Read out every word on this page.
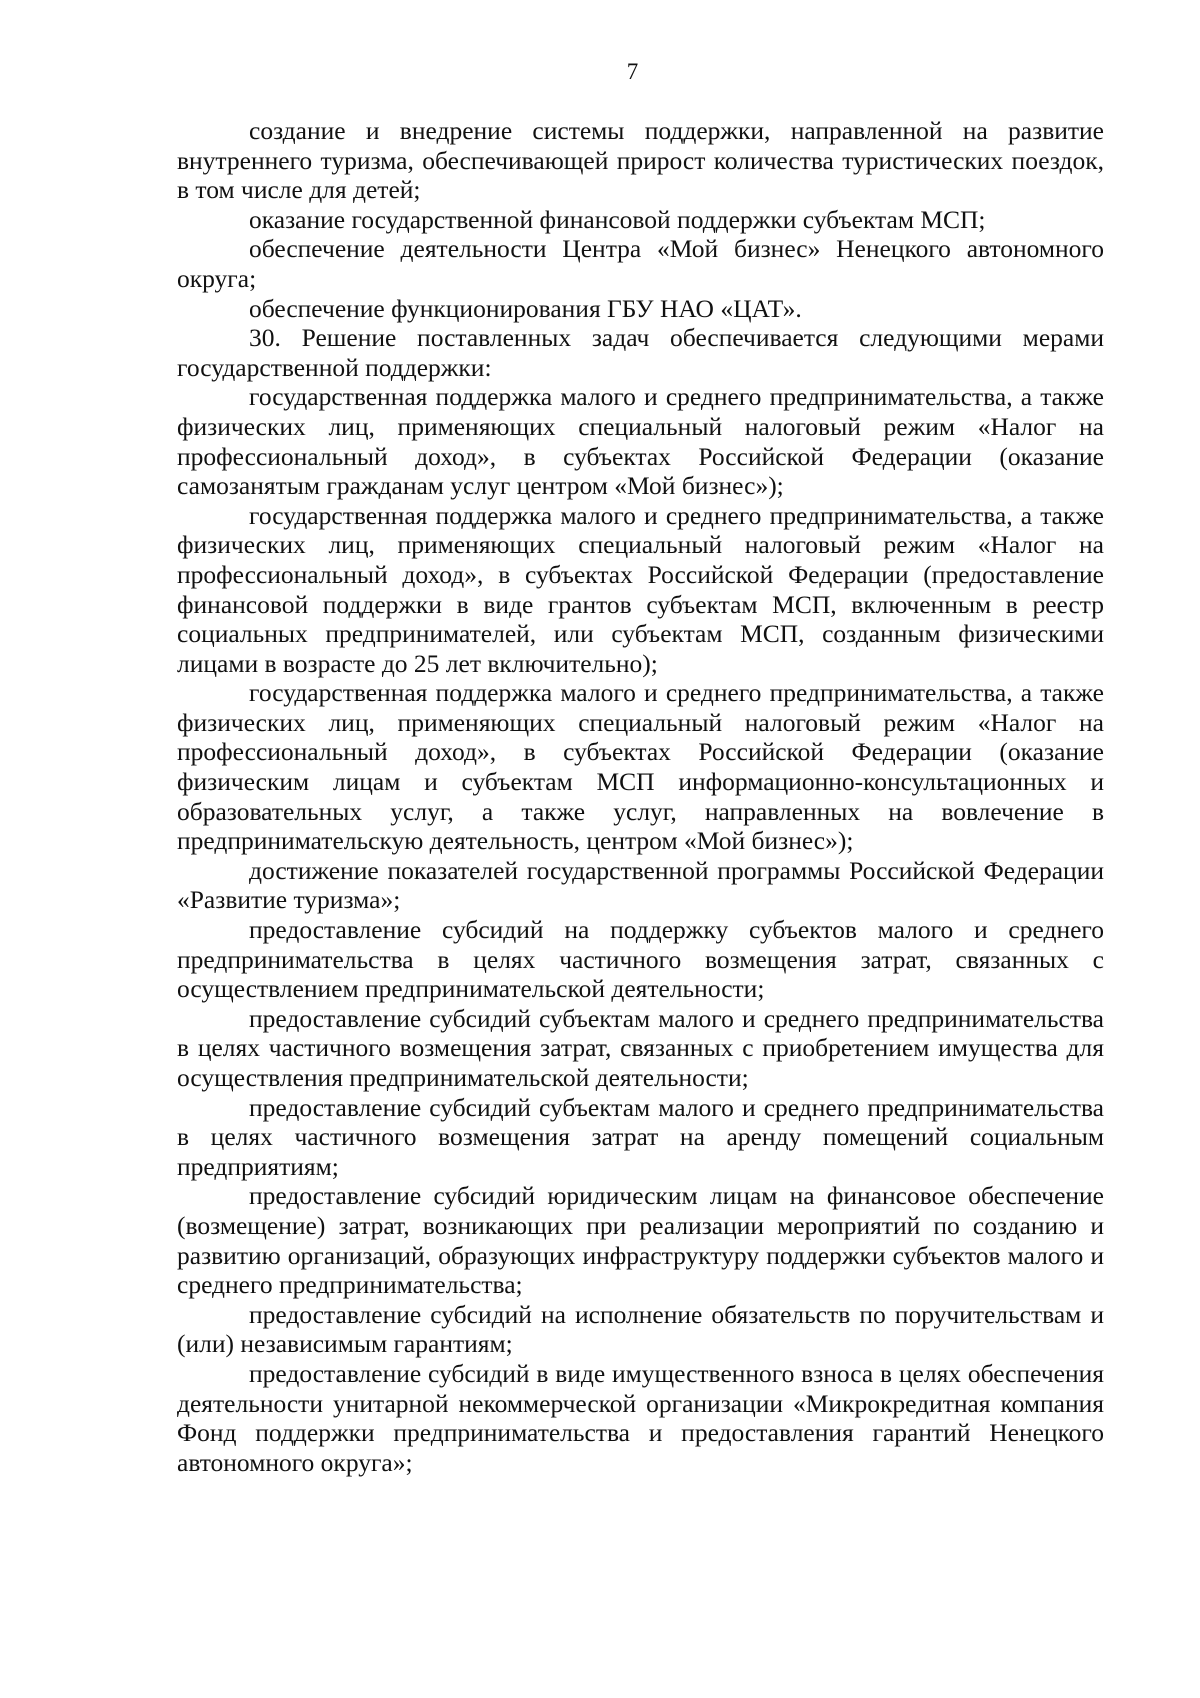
7

создание и внедрение системы поддержки, направленной на развитие внутреннего туризма, обеспечивающей прирост количества туристических поездок, в том числе для детей;

оказание государственной финансовой поддержки субъектам МСП;

обеспечение деятельности Центра «Мой бизнес» Ненецкого автономного округа;

обеспечение функционирования ГБУ НАО «ЦАТ».

30. Решение поставленных задач обеспечивается следующими мерами государственной поддержки:

государственная поддержка малого и среднего предпринимательства, а также физических лиц, применяющих специальный налоговый режим «Налог на профессиональный доход», в субъектах Российской Федерации (оказание самозанятым гражданам услуг центром «Мой бизнес»);

государственная поддержка малого и среднего предпринимательства, а также физических лиц, применяющих специальный налоговый режим «Налог на профессиональный доход», в субъектах Российской Федерации (предоставление финансовой поддержки в виде грантов субъектам МСП, включенным в реестр социальных предпринимателей, или субъектам МСП, созданным физическими лицами в возрасте до 25 лет включительно);

государственная поддержка малого и среднего предпринимательства, а также физических лиц, применяющих специальный налоговый режим «Налог на профессиональный доход», в субъектах Российской Федерации (оказание физическим лицам и субъектам МСП информационно-консультационных и образовательных услуг, а также услуг, направленных на вовлечение в предпринимательскую деятельность, центром «Мой бизнес»);

достижение показателей государственной программы Российской Федерации «Развитие туризма»;

предоставление субсидий на поддержку субъектов малого и среднего предпринимательства в целях частичного возмещения затрат, связанных с осуществлением предпринимательской деятельности;

предоставление субсидий субъектам малого и среднего предпринимательства в целях частичного возмещения затрат, связанных с приобретением имущества для осуществления предпринимательской деятельности;

предоставление субсидий субъектам малого и среднего предпринимательства в целях частичного возмещения затрат на аренду помещений социальным предприятиям;

предоставление субсидий юридическим лицам на финансовое обеспечение (возмещение) затрат, возникающих при реализации мероприятий по созданию и развитию организаций, образующих инфраструктуру поддержки субъектов малого и среднего предпринимательства;

предоставление субсидий на исполнение обязательств по поручительствам и (или) независимым гарантиям;

предоставление субсидий в виде имущественного взноса в целях обеспечения деятельности унитарной некоммерческой организации «Микрокредитная компания Фонд поддержки предпринимательства и предоставления гарантий Ненецкого автономного округа»;
